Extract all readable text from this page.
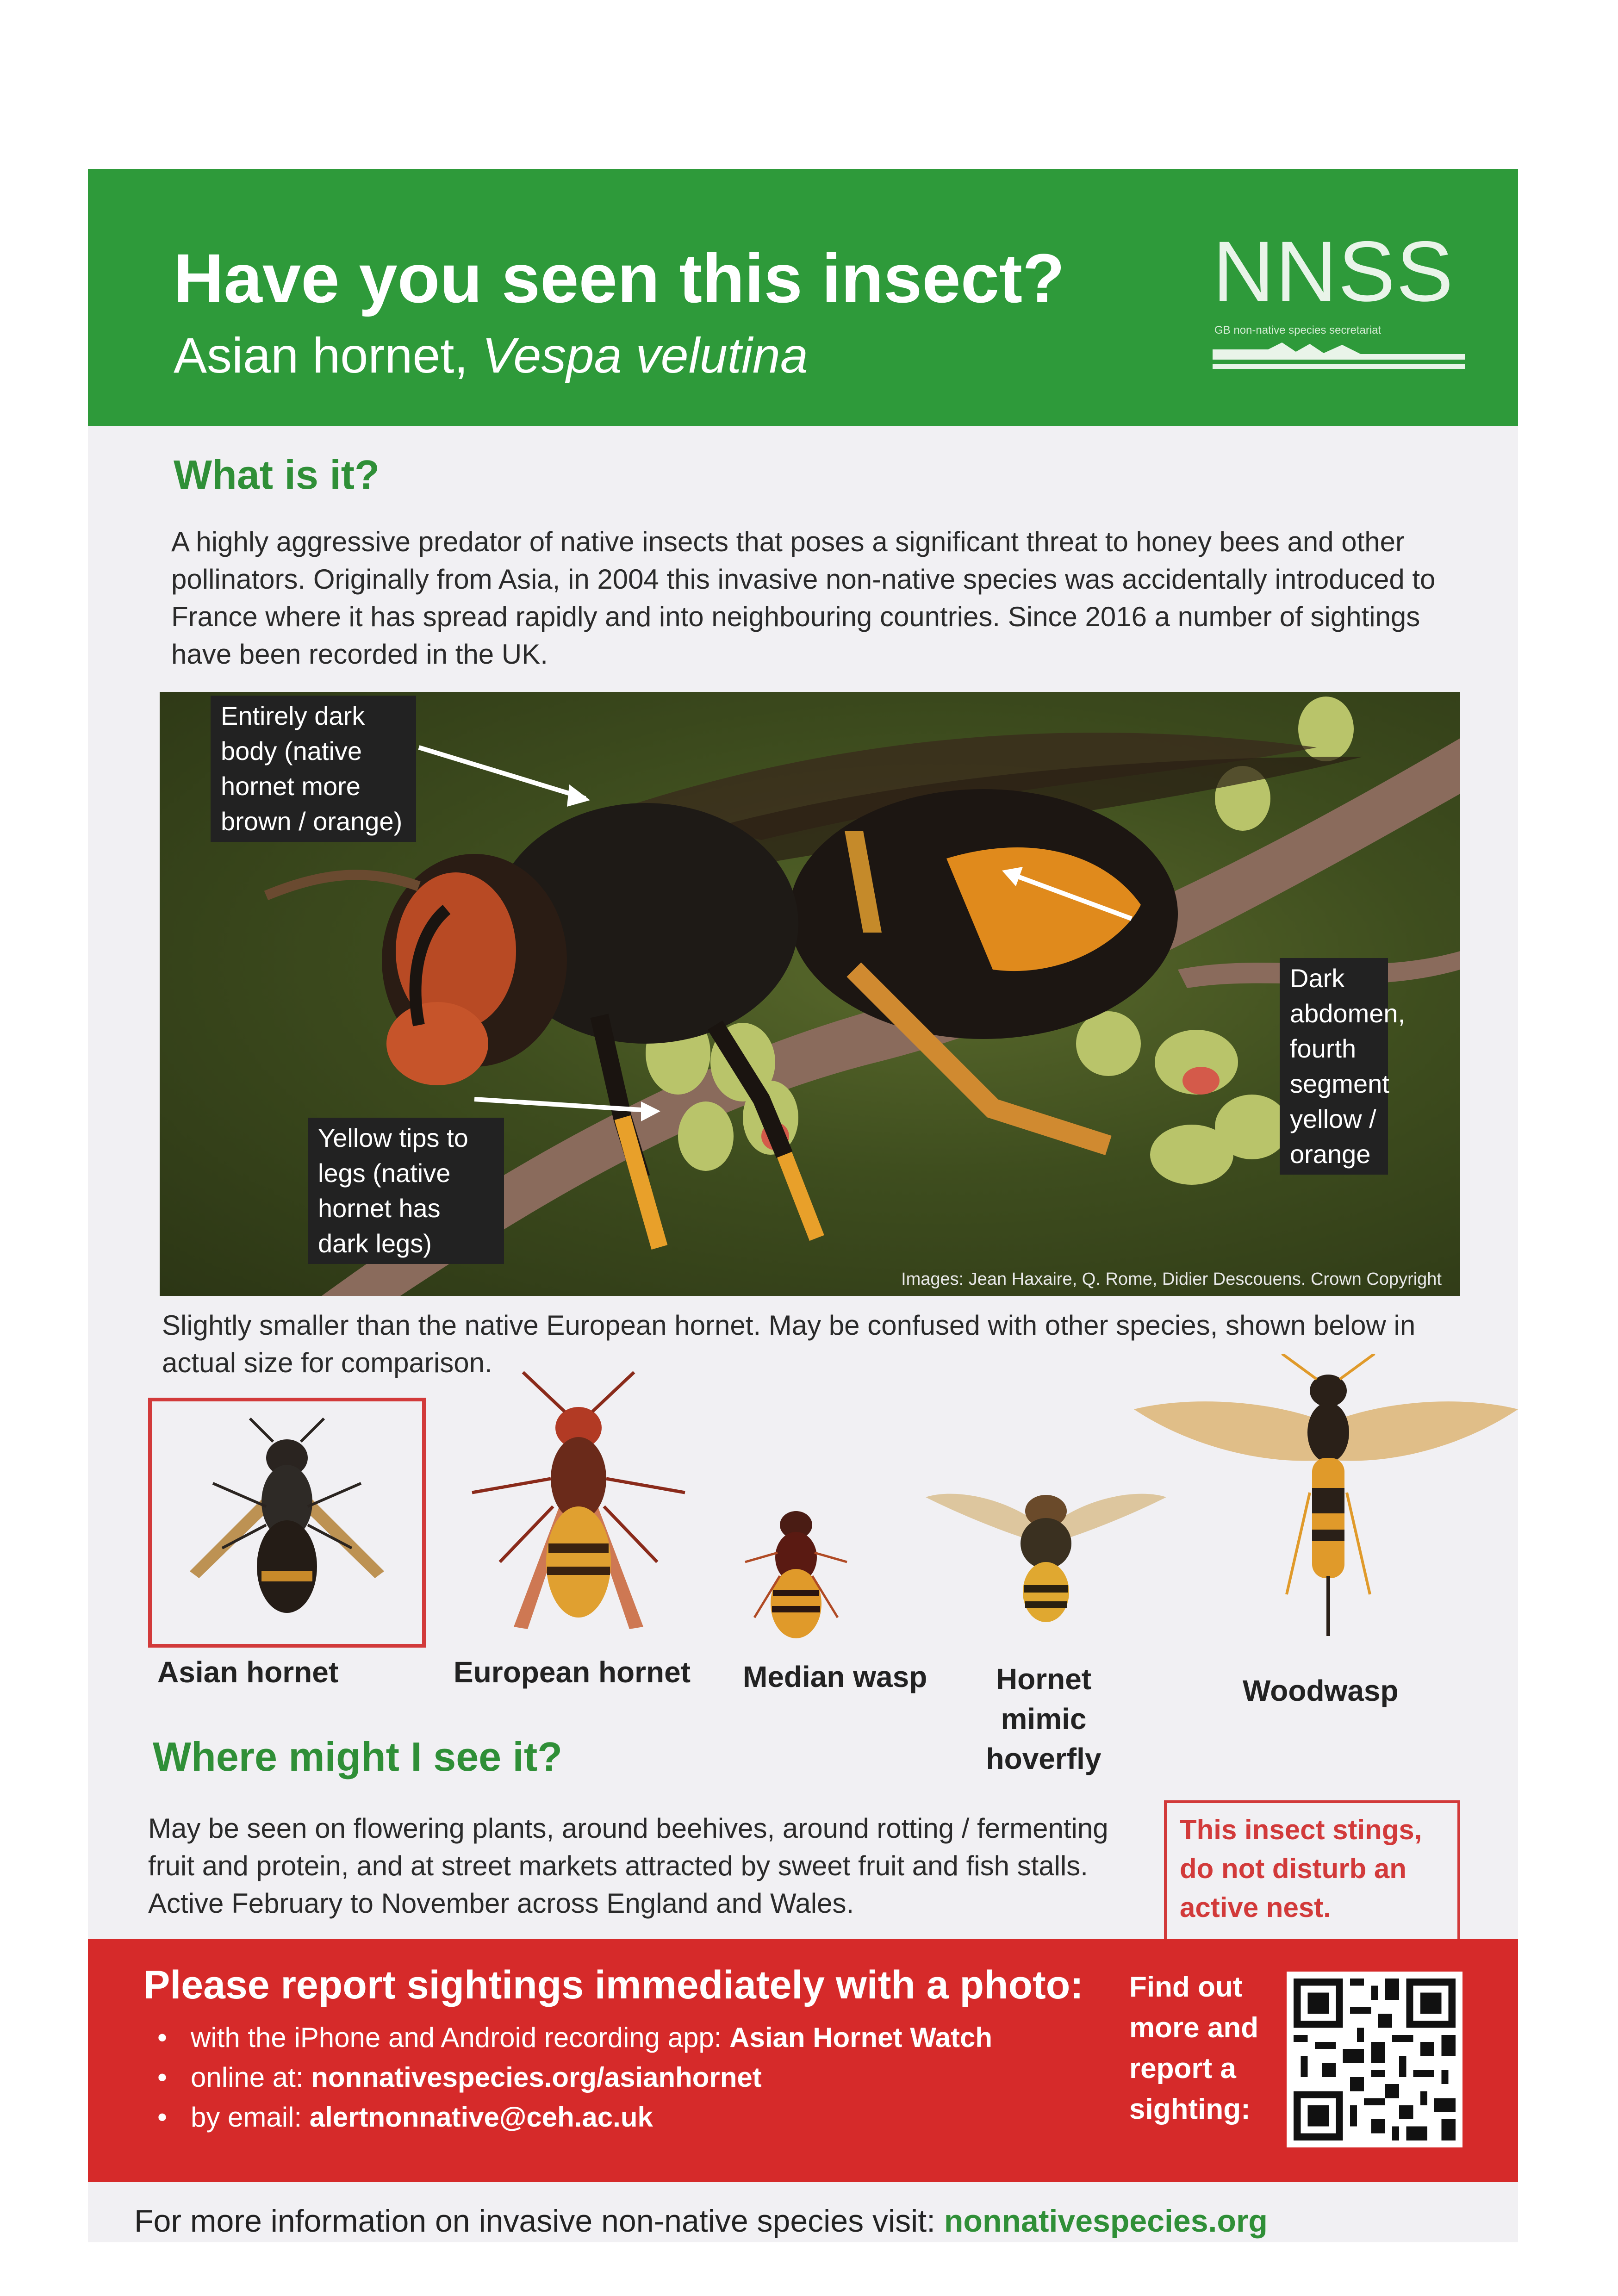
Have you seen this insect?
Asian hornet, Vespa velutina
NNSS
GB non-native species secretariat
What is it?
A highly aggressive predator of native insects that poses a significant threat to honey bees and other pollinators. Originally from Asia, in 2004 this invasive non-native species was accidentally introduced to France where it has spread rapidly and into neighbouring countries. Since 2016 a number of sightings have been recorded in the UK.
Entirely dark body (native hornet more brown / orange)
Dark abdomen, fourth segment yellow / orange
Yellow tips to legs (native hornet has dark legs)
Images: Jean Haxaire, Q. Rome, Didier Descouens. Crown Copyright
Slightly smaller than the native European hornet. May be confused with other species, shown below in actual size for comparison.
Asian hornet	European hornet Median wasp	Hornet mimic hoverfly
Woodwasp
Where might I see it?
May be seen on flowering plants, around beehives, around rotting / fermenting fruit and protein, and at street markets attracted by sweet fruit and fish stalls. Active February to November across England and Wales.
This insect stings, do not disturb an active nest.
Please report sightings immediately with a photo:
• with the iPhone and Android recording app: Asian Hornet Watch
• online at: nonnativespecies.org/asianhornet
• by email: alertnonnative@ceh.ac.uk
Find out more and report a sighting:
For more information on invasive non-native species visit: nonnativespecies.org
